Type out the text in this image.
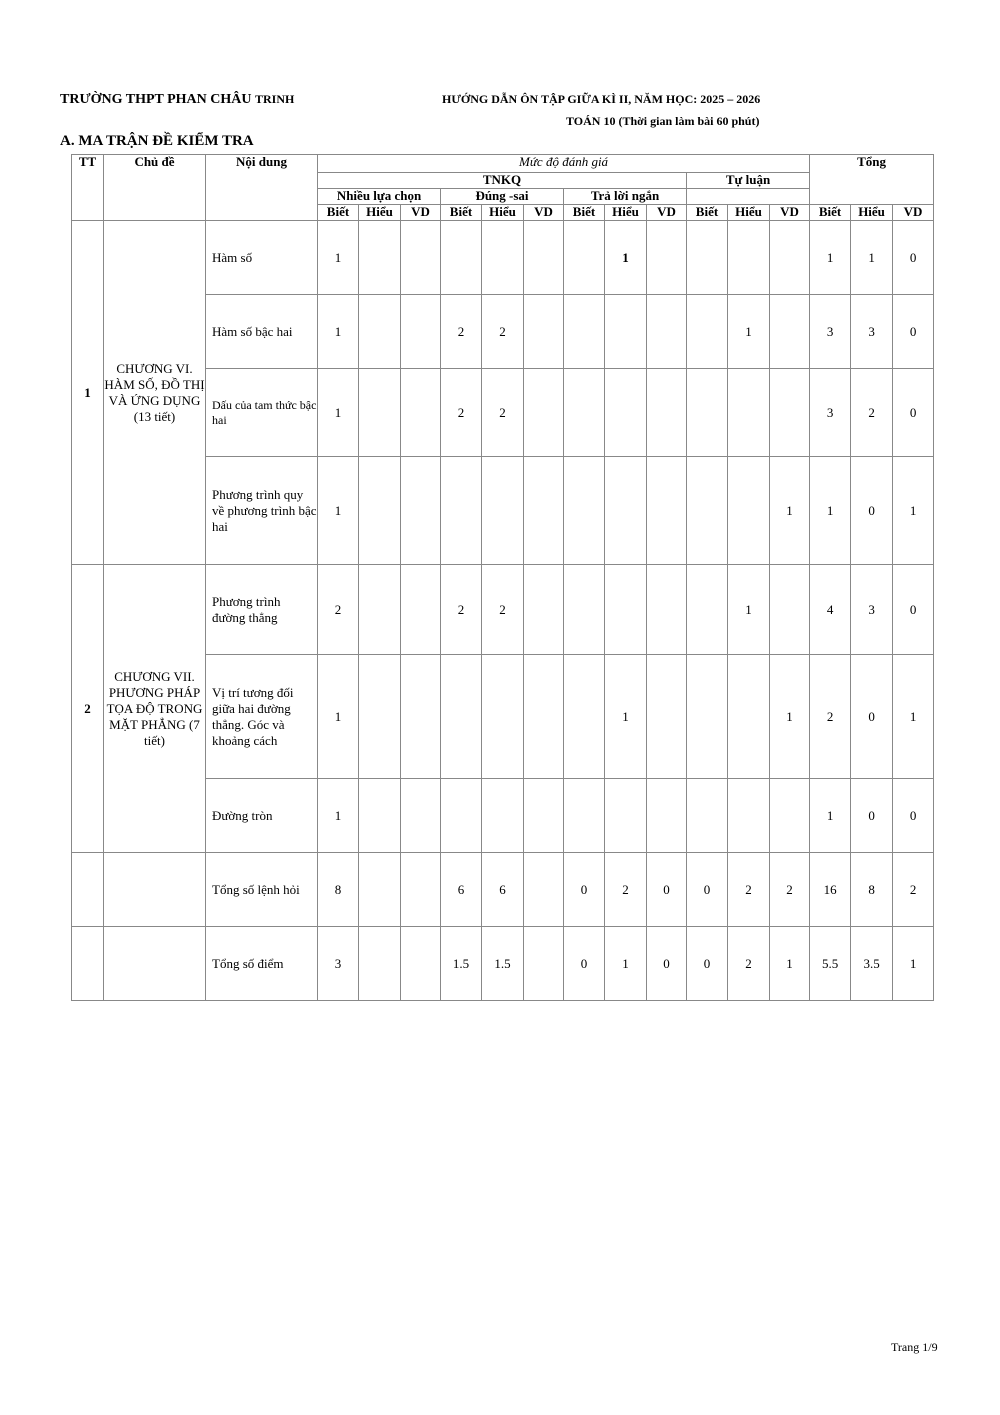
TRƯỜNG THPT PHAN CHÂU TRINH	HƯỚNG DẪN ÔN TẬP GIỮA KÌ II, NĂM HỌC: 2025 – 2026
TOÁN 10 (Thời gian làm bài 60 phút)
A. MA TRẬN ĐỀ KIỂM TRA
TT	Chủ đề	Nội dung	Mức độ đánh giá												Tổng		
			TNKQ									Tự luận					
			Nhiều lựa chọn			Đúng -sai			Trả lời ngắn								
			Biết	Hiểu	VD	Biết	Hiểu	VD	Biết	Hiểu	VD	Biết	Hiểu	VD	Biết	Hiểu	VD
1	CHƯƠNG VI. HÀM SỐ, ĐỒ THỊ VÀ ỨNG DỤNG (13 tiết)	Hàm số	1							1					1	1	0
		Hàm số bậc hai	1			2	2						1		3	3	0
		Dấu của tam thức bậc hai	1			2	2								3	2	0
		Phương trình quy về phương trình bậc hai	1											1	1	0	1
2	CHƯƠNG VII. PHƯƠNG PHÁP TỌA ĐỘ TRONG MẶT PHẲNG (7 tiết)	Phương trình đường thẳng	2			2	2						1		4	3	0
		Vị trí tương đối giữa hai đường thẳng. Góc và khoảng cách	1							1				1	2	0	1
		Đường tròn	1												1	0	0
		Tổng số lệnh hỏi	8			6	6		0	2	0	0	2	2	16	8	2
		Tổng số điểm	3			1.5	1.5		0	1	0	0	2	1	5.5	3.5	1
Trang 1/9
